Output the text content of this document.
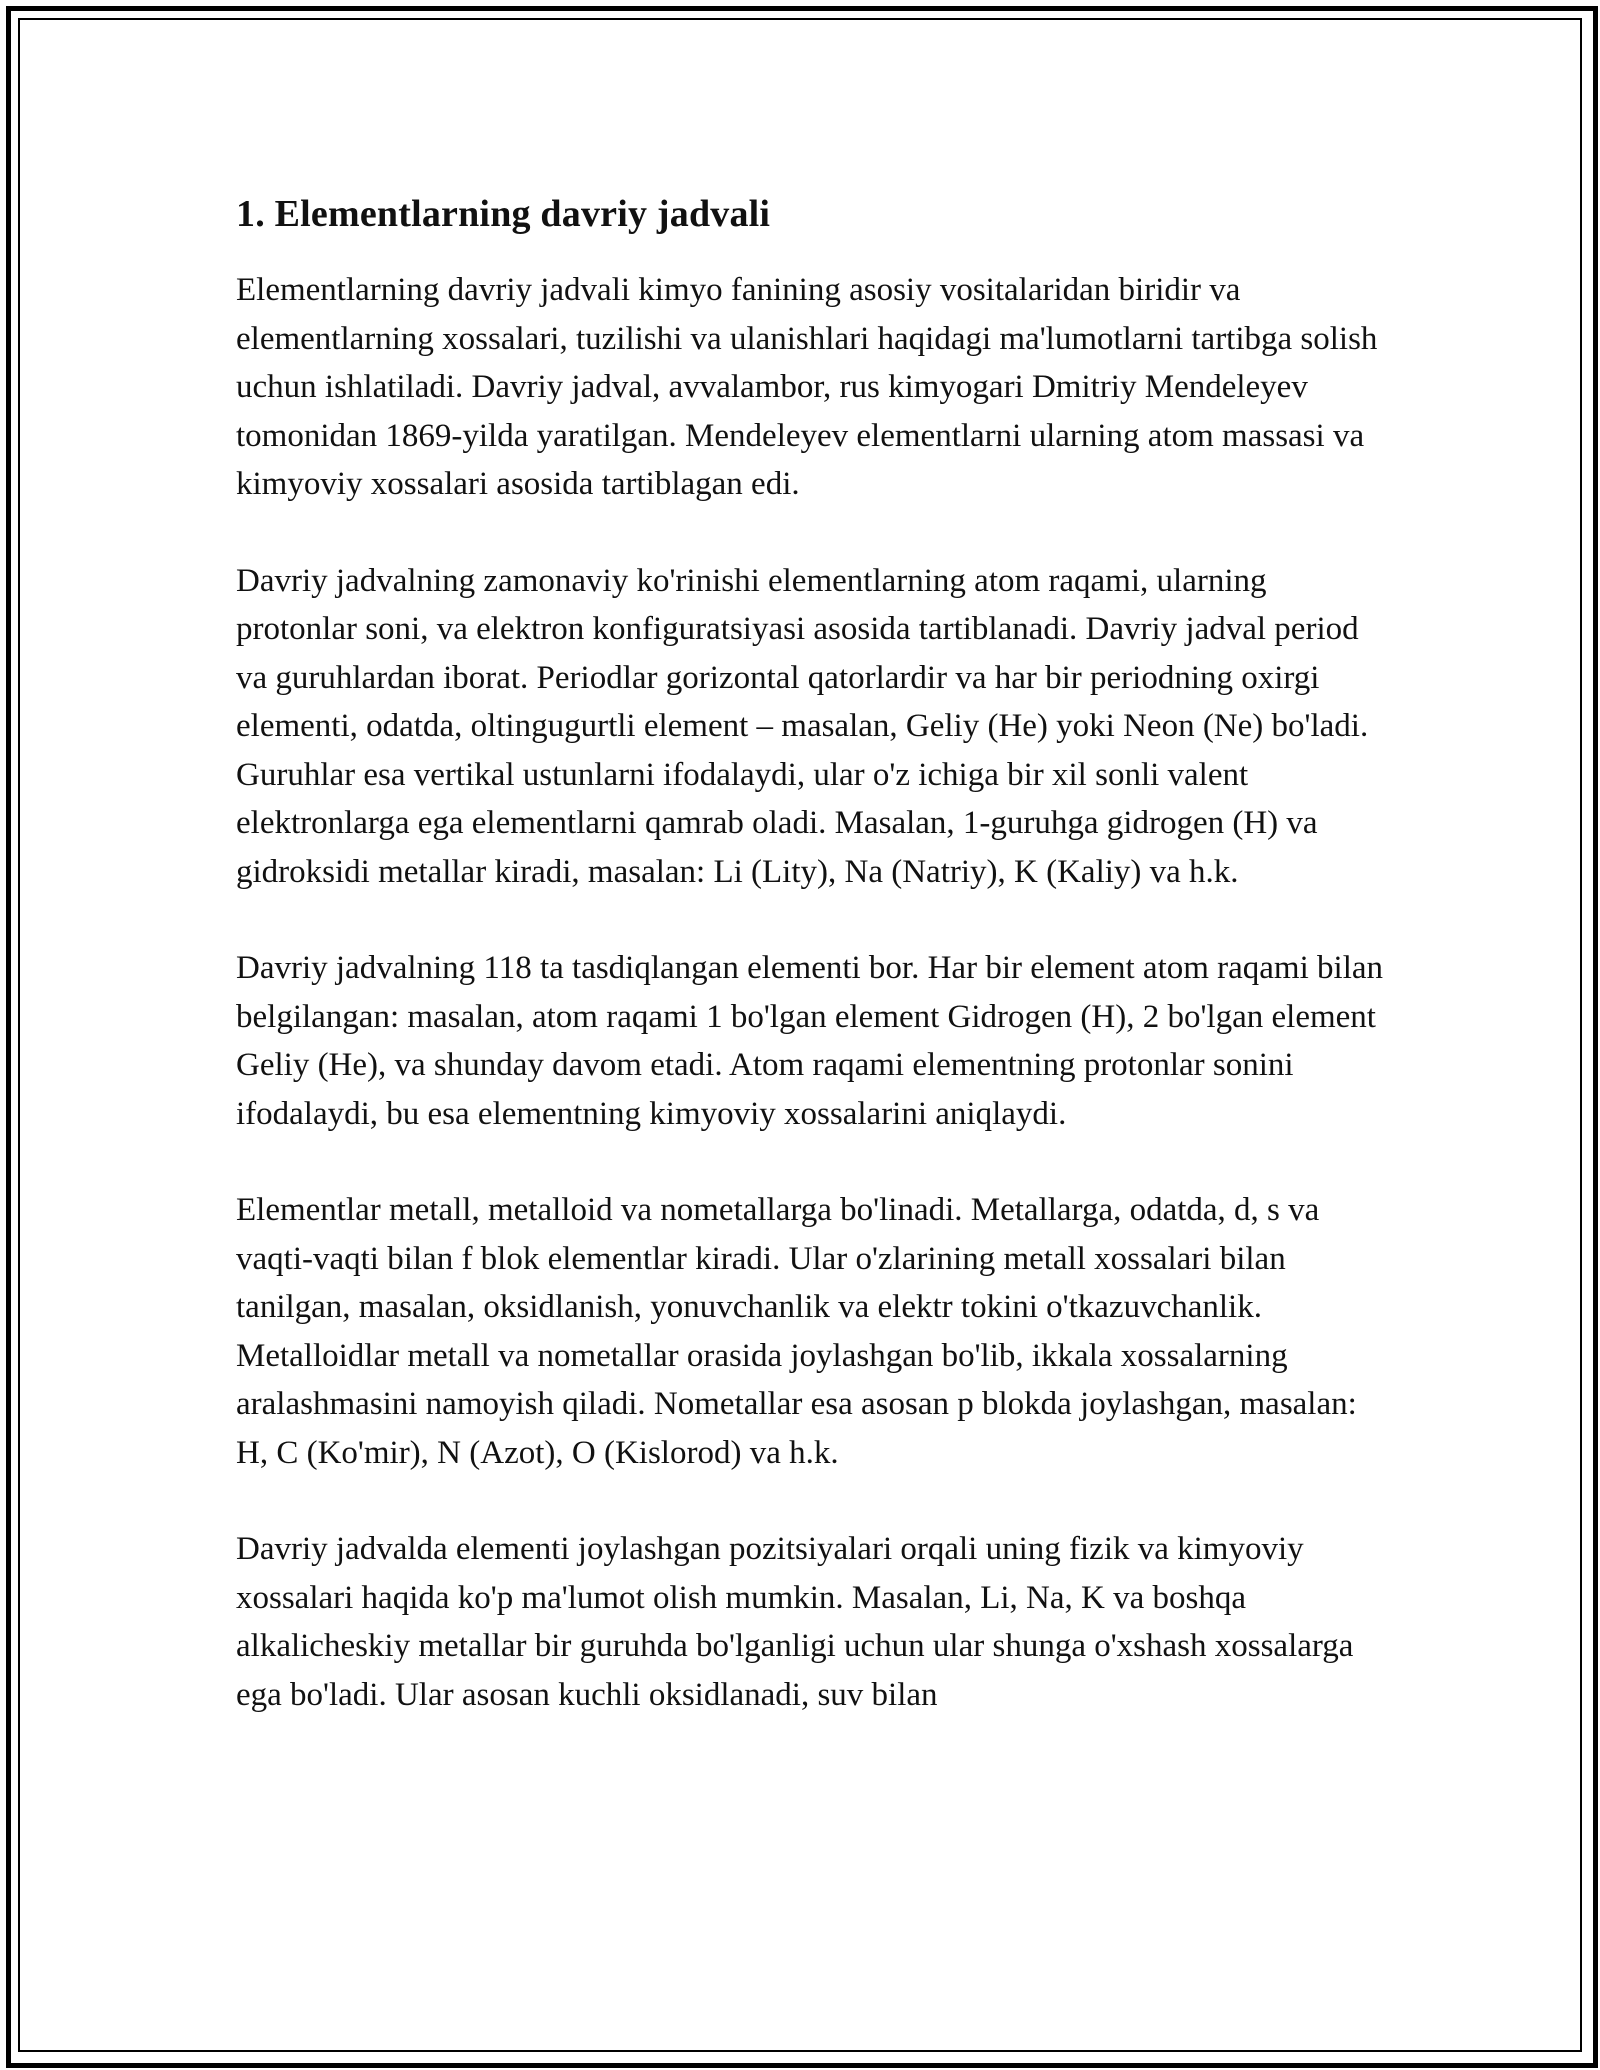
1. Elementlarning davriy jadvali

Elementlarning davriy jadvali kimyo fanining asosiy vositalaridan biridir va elementlarning xossalari, tuzilishi va ulanishlari haqidagi ma'lumotlarni tartibga solish uchun ishlatiladi. Davriy jadval, avvalambor, rus kimyogari Dmitriy Mendeleyev tomonidan 1869-yilda yaratilgan. Mendeleyev elementlarni ularning atom massasi va kimyoviy xossalari asosida tartiblagan edi.

Davriy jadvalning zamonaviy ko'rinishi elementlarning atom raqami, ularning protonlar soni, va elektron konfiguratsiyasi asosida tartiblanadi. Davriy jadval period va guruhlardan iborat. Periodlar gorizontal qatorlardir va har bir periodning oxirgi elementi, odatda, oltingugurtli element – masalan, Geliy (He) yoki Neon (Ne) bo'ladi. Guruhlar esa vertikal ustunlarni ifodalaydi, ular o'z ichiga bir xil sonli valent elektronlarga ega elementlarni qamrab oladi. Masalan, 1-guruhga gidrogen (H) va gidroksidi metallar kiradi, masalan: Li (Lity), Na (Natriy), K (Kaliy) va h.k.

Davriy jadvalning 118 ta tasdiqlangan elementi bor. Har bir element atom raqami bilan belgilangan: masalan, atom raqami 1 bo'lgan element Gidrogen (H), 2 bo'lgan element Geliy (He), va shunday davom etadi. Atom raqami elementning protonlar sonini ifodalaydi, bu esa elementning kimyoviy xossalarini aniqlaydi.

Elementlar metall, metalloid va nometallarga bo'linadi. Metallarga, odatda, d, s va vaqti-vaqti bilan f blok elementlar kiradi. Ular o'zlarining metall xossalari bilan tanilgan, masalan, oksidlanish, yonuvchanlik va elektr tokini o'tkazuvchanlik. Metalloidlar metall va nometallar orasida joylashgan bo'lib, ikkala xossalarning aralashmasini namoyish qiladi. Nometallar esa asosan p blokda joylashgan, masalan: H, C (Ko'mir), N (Azot), O (Kislorod) va h.k.

Davriy jadvalda elementi joylashgan pozitsiyalari orqali uning fizik va kimyoviy xossalari haqida ko'p ma'lumot olish mumkin. Masalan, Li, Na, K va boshqa alkalicheskiy metallar bir guruhda bo'lganligi uchun ular shunga o'xshash xossalarga ega bo'ladi. Ular asosan kuchli oksidlanadi, suv bilan
